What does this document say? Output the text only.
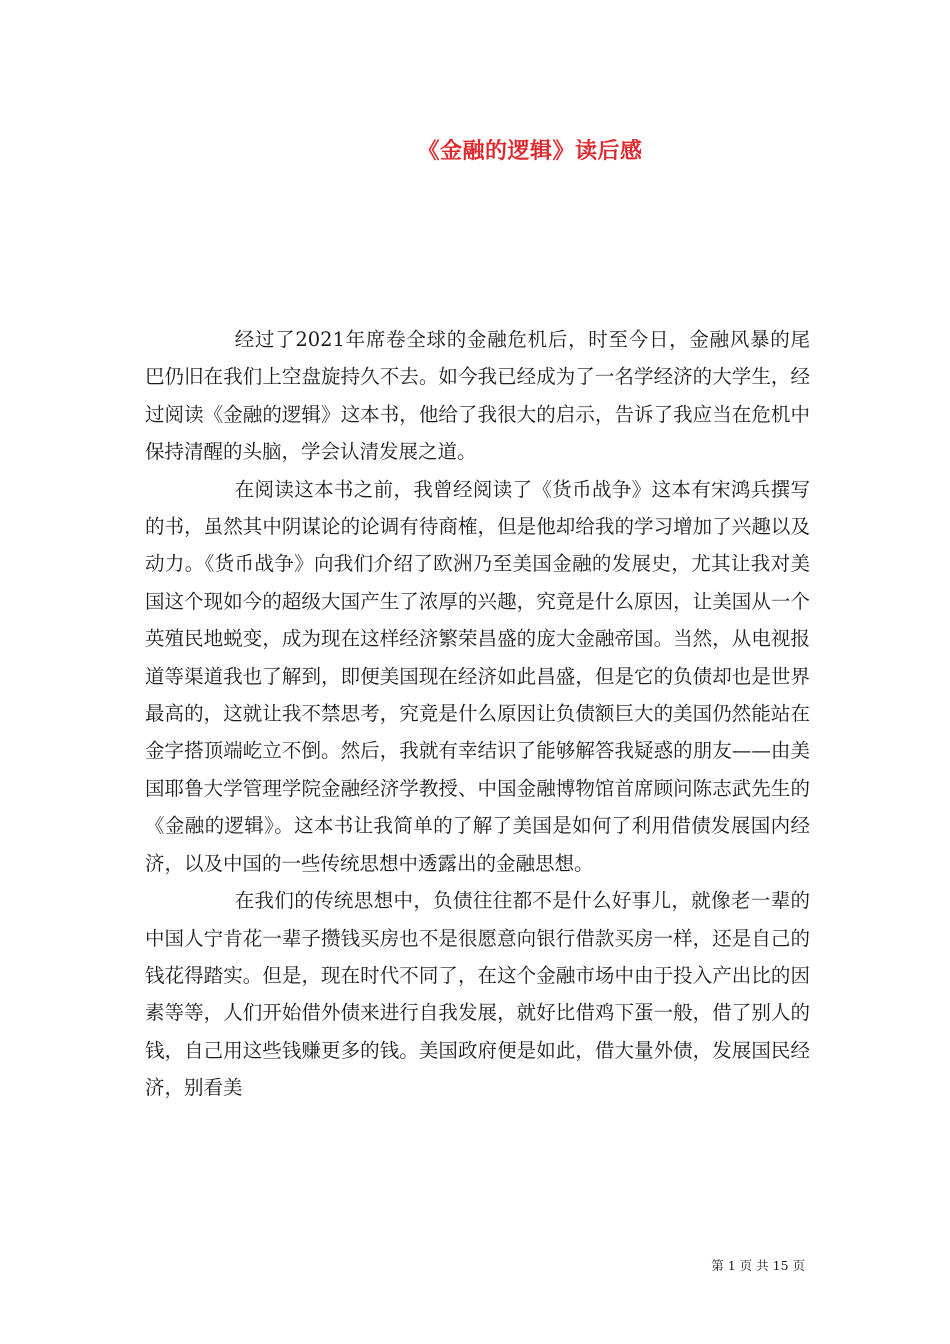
《金融的逻辑》读后感

经过了2021年席卷全球的金融危机后，时至今日，金融风暴的尾巴仍旧在我们上空盘旋持久不去。如今我已经成为了一名学经济的大学生，经过阅读《金融的逻辑》这本书，他给了我很大的启示，告诉了我应当在危机中保持清醒的头脑，学会认清发展之道。

在阅读这本书之前，我曾经阅读了《货币战争》这本有宋鸿兵撰写的书，虽然其中阴谋论的论调有待商榷，但是他却给我的学习增加了兴趣以及动力。《货币战争》向我们介绍了欧洲乃至美国金融的发展史，尤其让我对美国这个现如今的超级大国产生了浓厚的兴趣，究竟是什么原因，让美国从一个英殖民地蜕变，成为现在这样经济繁荣昌盛的庞大金融帝国。当然，从电视报道等渠道我也了解到，即便美国现在经济如此昌盛，但是它的负债却也是世界最高的，这就让我不禁思考，究竟是什么原因让负债额巨大的美国仍然能站在金字搭顶端屹立不倒。然后，我就有幸结识了能够解答我疑惑的朋友——由美国耶鲁大学管理学院金融经济学教授、中国金融博物馆首席顾问陈志武先生的《金融的逻辑》。这本书让我简单的了解了美国是如何了利用借债发展国内经济，以及中国的一些传统思想中透露出的金融思想。

在我们的传统思想中，负债往往都不是什么好事儿，就像老一辈的中国人宁肯花一辈子攒钱买房也不是很愿意向银行借款买房一样，还是自己的钱花得踏实。但是，现在时代不同了，在这个金融市场中由于投入产出比的因素等等，人们开始借外债来进行自我发展，就好比借鸡下蛋一般，借了别人的钱，自己用这些钱赚更多的钱。美国政府便是如此，借大量外债，发展国民经济，别看美

第 1 页 共 15 页
